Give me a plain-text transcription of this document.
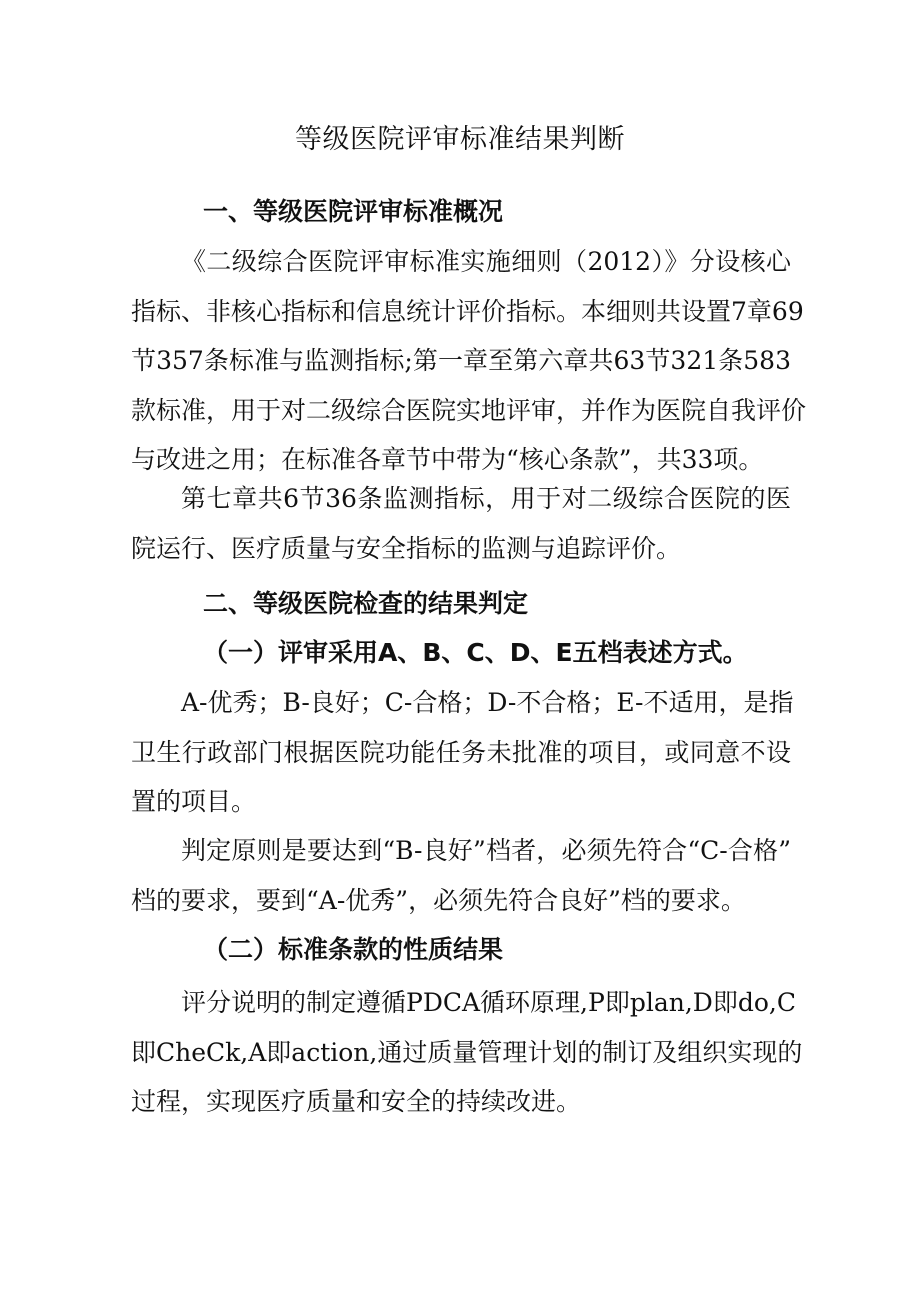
等级医院评审标准结果判断
一、等级医院评审标准概况
《二级综合医院评审标准实施细则（2012）》分设核心
指标、非核心指标和信息统计评价指标。本细则共设置7章69
节357条标准与监测指标;第一章至第六章共63节321条583
款标准，用于对二级综合医院实地评审，并作为医院自我评价
与改进之用；在标准各章节中带为“核心条款”，共33项。
第七章共6节36条监测指标，用于对二级综合医院的医
院运行、医疗质量与安全指标的监测与追踪评价。
二、等级医院检查的结果判定
（一）评审采用A、B、C、D、E五档表述方式。
A-优秀；B-良好；C-合格；D-不合格；E-不适用，是指
卫生行政部门根据医院功能任务未批准的项目，或同意不设
置的项目。
判定原则是要达到“B-良好”档者，必须先符合“C-合格”
档的要求，要到“A-优秀”，必须先符合良好”档的要求。
（二）标准条款的性质结果
评分说明的制定遵循PDCA循环原理,P即plan,D即do,C
即CheCk,A即action,通过质量管理计划的制订及组织实现的
过程，实现医疗质量和安全的持续改进。
